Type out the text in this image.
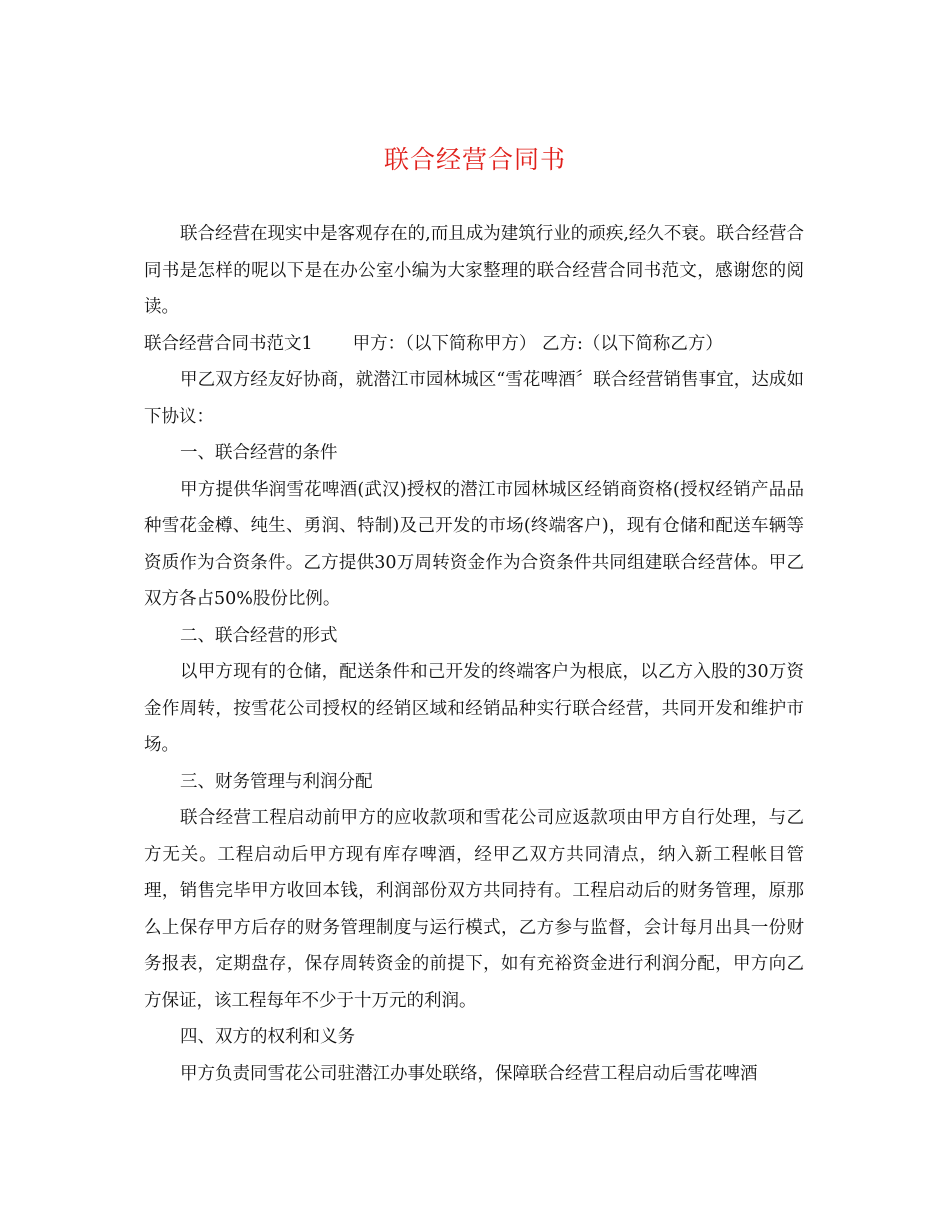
联合经营合同书

联合经营在现实中是客观存在的,而且成为建筑行业的顽疾,经久不衰。联合经营合同书是怎样的呢以下是在办公室小编为大家整理的联合经营合同书范文，感谢您的阅读。

联合经营合同书范文1 甲方：（以下简称甲方） 乙方:（以下简称乙方）

甲乙双方经友好协商，就潜江市园林城区“雪花啤酒〞联合经营销售事宜，达成如下协议：

一、联合经营的条件

甲方提供华润雪花啤酒(武汉)授权的潜江市园林城区经销商资格(授权经销产品品种雪花金樽、纯生、勇润、特制)及己开发的市场(终端客户)，现有仓储和配送车辆等资质作为合资条件。乙方提供30万周转资金作为合资条件共同组建联合经营体。甲乙双方各占50%股份比例。

二、联合经营的形式

以甲方现有的仓储，配送条件和己开发的终端客户为根底，以乙方入股的30万资金作周转，按雪花公司授权的经销区域和经销品种实行联合经营，共同开发和维护市场。

三、财务管理与利润分配

联合经营工程启动前甲方的应收款项和雪花公司应返款项由甲方自行处理，与乙方无关。工程启动后甲方现有库存啤酒，经甲乙双方共同清点，纳入新工程帐目管理，销售完毕甲方收回本钱，利润部份双方共同持有。工程启动后的财务管理，原那么上保存甲方后存的财务管理制度与运行模式，乙方参与监督，会计每月出具一份财务报表，定期盘存，保存周转资金的前提下，如有充裕资金进行利润分配，甲方向乙方保证，该工程每年不少于十万元的利润。

四、双方的权利和义务

甲方负责同雪花公司驻潜江办事处联络，保障联合经营工程启动后雪花啤酒
